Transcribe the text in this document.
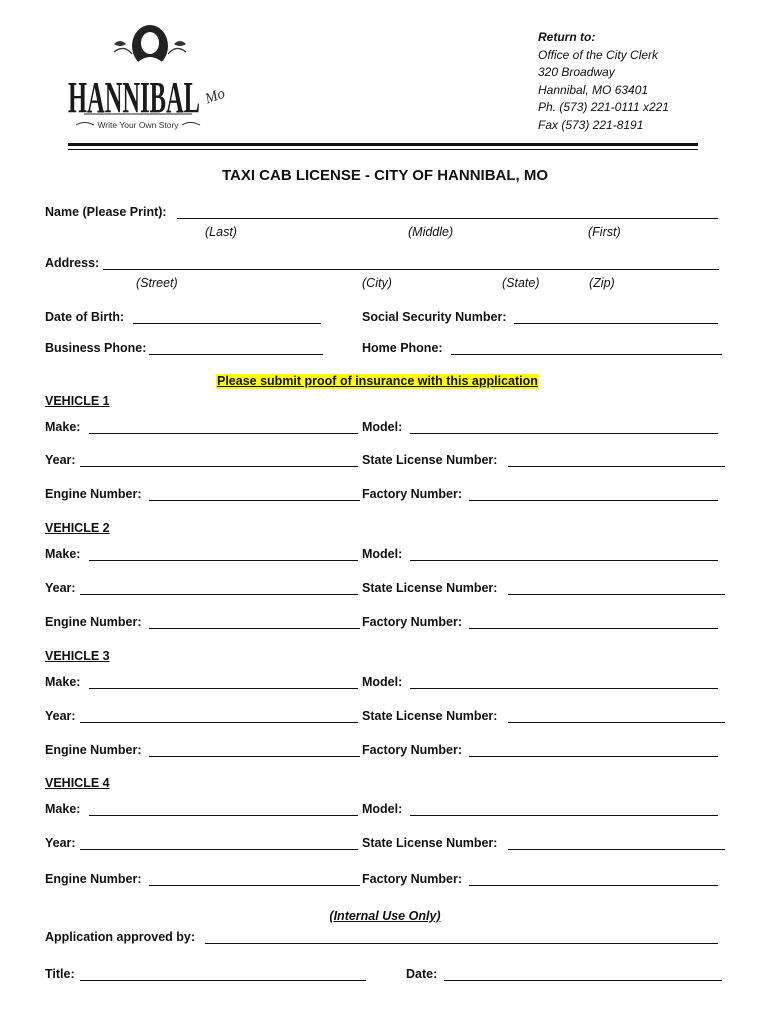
HANNIBAL Mo
Write Your Own Story
Return to:
Office of the City Clerk
320 Broadway
Hannibal, MO 63401
Ph. (573) 221-0111 x221
Fax (573) 221-8191
TAXI CAB LICENSE - CITY OF HANNIBAL, MO
Name (Please Print):
(Last)	(Middle)	(First)
Address:
(Street)	(City)	(State)	(Zip)
Date of Birth:	Social Security Number:
Business Phone:	Home Phone:
Please submit proof of insurance with this application
VEHICLE 1
Make:	Model:
Year:	State License Number:
Engine Number:	Factory Number:
VEHICLE 2
Make:	Model:
Year:	State License Number:
Engine Number:	Factory Number:
VEHICLE 3
Make:	Model:
Year:	State License Number:
Engine Number:	Factory Number:
VEHICLE 4
Make:	Model:
Year:	State License Number:
Engine Number:	Factory Number:
(Internal Use Only)
Application approved by:
Title:	Date:
